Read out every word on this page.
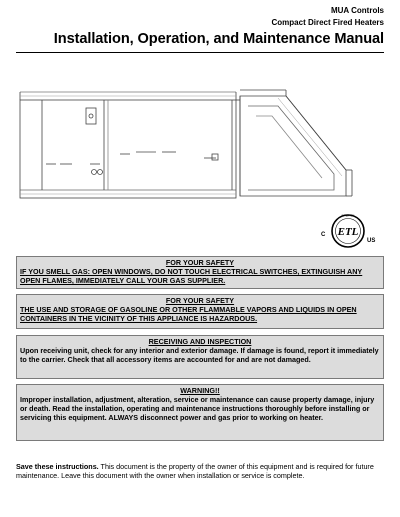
MUA Controls
Compact Direct Fired Heaters
Installation, Operation, and Maintenance Manual
ETL
C
US
INTERTEK
FOR YOUR SAFETY
IF YOU SMELL GAS: OPEN WINDOWS, DO NOT TOUCH ELECTRICAL SWITCHES, EXTINGUISH ANY OPEN FLAMES, IMMEDIATELY CALL YOUR GAS SUPPLIER.
FOR YOUR SAFETY
THE USE AND STORAGE OF GASOLINE OR OTHER FLAMMABLE VAPORS AND LIQUIDS IN OPEN CONTAINERS IN THE VICINITY OF THIS APPLIANCE IS HAZARDOUS.
RECEIVING AND INSPECTION
Upon receiving unit, check for any interior and exterior damage. If damage is found, report it immediately to the carrier. Check that all accessory items are accounted for and are not damaged.
WARNING!!
Improper installation, adjustment, alteration, service or maintenance can cause property damage, injury or death. Read the installation, operating and maintenance instructions thoroughly before installing or servicing this equipment. ALWAYS disconnect power and gas prior to working on heater.
Save these instructions. This document is the property of the owner of this equipment and is required for future maintenance. Leave this document with the owner when installation or service is complete.
